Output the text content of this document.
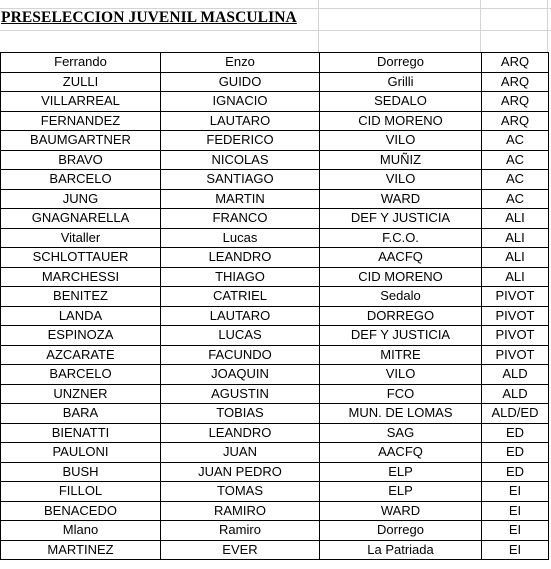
PRESELECCION JUVENIL MASCULINA
Ferrando	Enzo	Dorrego	ARQ
ZULLI	GUIDO	Grilli	ARQ
VILLARREAL	IGNACIO	SEDALO	ARQ
FERNANDEZ	LAUTARO	CID MORENO	ARQ
BAUMGARTNER	FEDERICO	VILO	AC
BRAVO	NICOLAS	MUÑIZ	AC
BARCELO	SANTIAGO	VILO	AC
JUNG	MARTIN	WARD	AC
GNAGNARELLA	FRANCO	DEF Y JUSTICIA	ALI
Vitaller	Lucas	F.C.O.	ALI
SCHLOTTAUER	LEANDRO	AACFQ	ALI
MARCHESSI	THIAGO	CID MORENO	ALI
BENITEZ	CATRIEL	Sedalo	PIVOT
LANDA	LAUTARO	DORREGO	PIVOT
ESPINOZA	LUCAS	DEF Y JUSTICIA	PIVOT
AZCARATE	FACUNDO	MITRE	PIVOT
BARCELO	JOAQUIN	VILO	ALD
UNZNER	AGUSTIN	FCO	ALD
BARA	TOBIAS	MUN. DE LOMAS	ALD/ED
BIENATTI	LEANDRO	SAG	ED
PAULONI	JUAN	AACFQ	ED
BUSH	JUAN PEDRO	ELP	ED
FILLOL	TOMAS	ELP	EI
BENACEDO	RAMIRO	WARD	EI
Mlano	Ramiro	Dorrego	EI
MARTINEZ	EVER	La Patriada	EI
